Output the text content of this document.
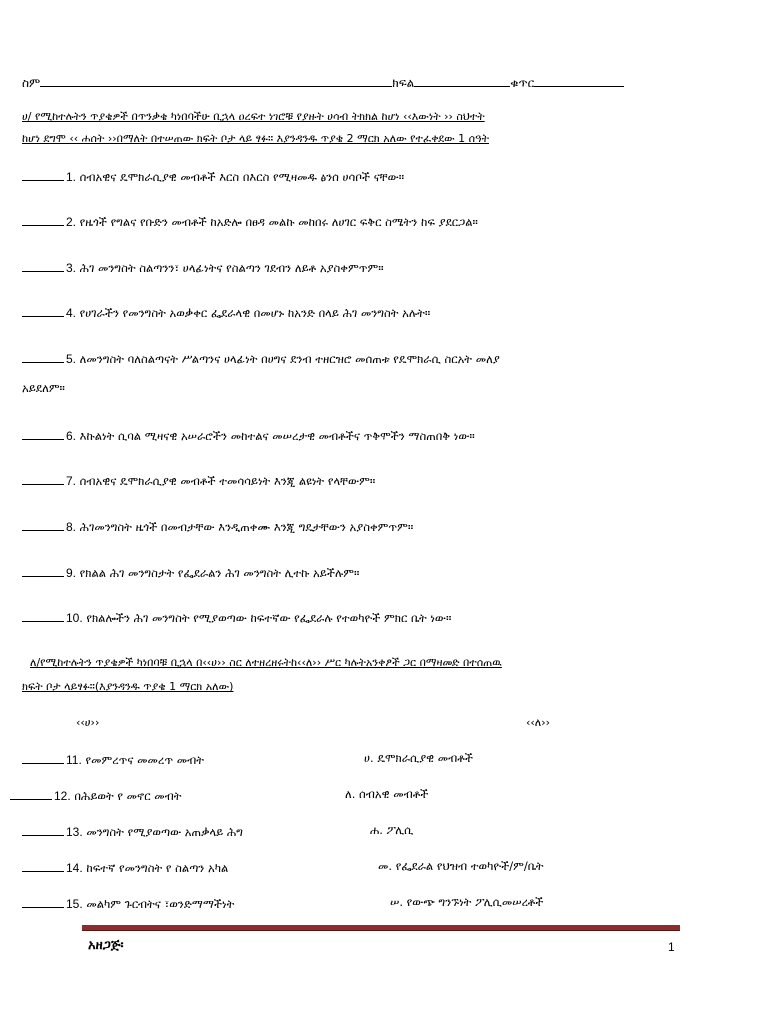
ስም	ክፍል	ቁጥር
ሀ/ የሚከተሉትን ጥያቄዎች በጥንቃቄ ካነበባችሁ ቢኋላ ዐረፍተ ነገሮቹ የያዙት ሀሳብ ትክክል ከሆነ ‹‹እውነት ›› ስህተት
ከሆነ ደግሞ ‹‹ ሐሰት ››በማለት በተሠጠው ክፍት ቦታ ላይ ፃፉ። እያንዳንዱ ጥያቄ 2 ማርክ አለው የተፈቀደው 1 ሰዓት
1. ሰብአዊና ዴሞክራሲያዊ መብቶች እርስ በእርስ የሚዛመዱ ፅንሰ ሀሳቦች ናቸው።
2. የዜጎች የግልና የቡድን መብቶች ከአድሎ በፀዳ መልኩ መከበሩ ለሀገር ፍቅር ስሜትን ከፍ ያደርጋል።
3. ሕገ መንግስት ስልጣንን፣ ሀላፊነትና የስልጣን ገደብን ለይቶ አያስቀምጥም።
4. የሀገራችን የመንግስት አወቃቀር ፌደራላዊ በመሆኑ ከአንድ በላይ ሕገ መንግስት አሉት።
5. ለመንግስት ባለስልጣናት ሥልጣንና ሀላፊነት በሀግና ደንብ ተዘርዝሮ መሰጠቱ የዴሞክራሲ ስርአት መለያ
አይደለም።
6. እኩልነት ሲባል ሚዛናዊ አሠራሮችን መከተልና መሠረታዊ መብቶችና ጥቅሞችን ማስጠበቅ ነው።
7. ሰብአዊና ዴሞክራሲያዊ መብቶች ተመሳሳይነት እንጂ ልዩነት የላቸውም።
8. ሕገመንግስት ዜጎች በመብታቸው እንዲጠቀሙ እንጂ ግዴታቸውን አያስቀምጥም።
9. የክልል ሕገ መንግስታት የፌደራልን ሕገ መንግስት ሊተኩ አይችሉም።
10. የክልሎችን ሕገ መንግስት የሚያወጣው ከፍተኛው የፌደራሉ የተወካዮች ምክር ቤት ነው።
ለ/የሚከተሉትን ጥያቄዎች ካነበባቹ ቢኋላ በ‹‹ሀ›› ስር ለተዘረዘሩትከ‹‹ለ›› ሥር ካሉትአንቀፆች ጋር በማዛመድ በተሰጠዉ
ክፍት ቦታ ላይፃፉ።(እያንዳንዱ ጥያቄ 1 ማርክ አለው)
‹‹ሀ››	‹‹ለ››
11. የመምረጥና መመረጥ መብት	ሀ. ዴሞክራሲያዊ መብቶች
12. በሕይወት የ መኖር መብት	ለ. ሰብአዊ መብቶች
13. መንግስት የሚያወጣው አጠቃላይ ሕግ	ሐ. ፖሊሲ
14. ከፍተኛ የመንግስት የ ስልጣን አካል	መ. የፌደራል የህዝብ ተወካዮች/ም/ቤት
15. መልካም ጉርብትና ፣ወንድማማችነት	ሠ. የውጭ ግንኙነት ፖሊሲመሠረቶች
አዘጋጅ፡	1
